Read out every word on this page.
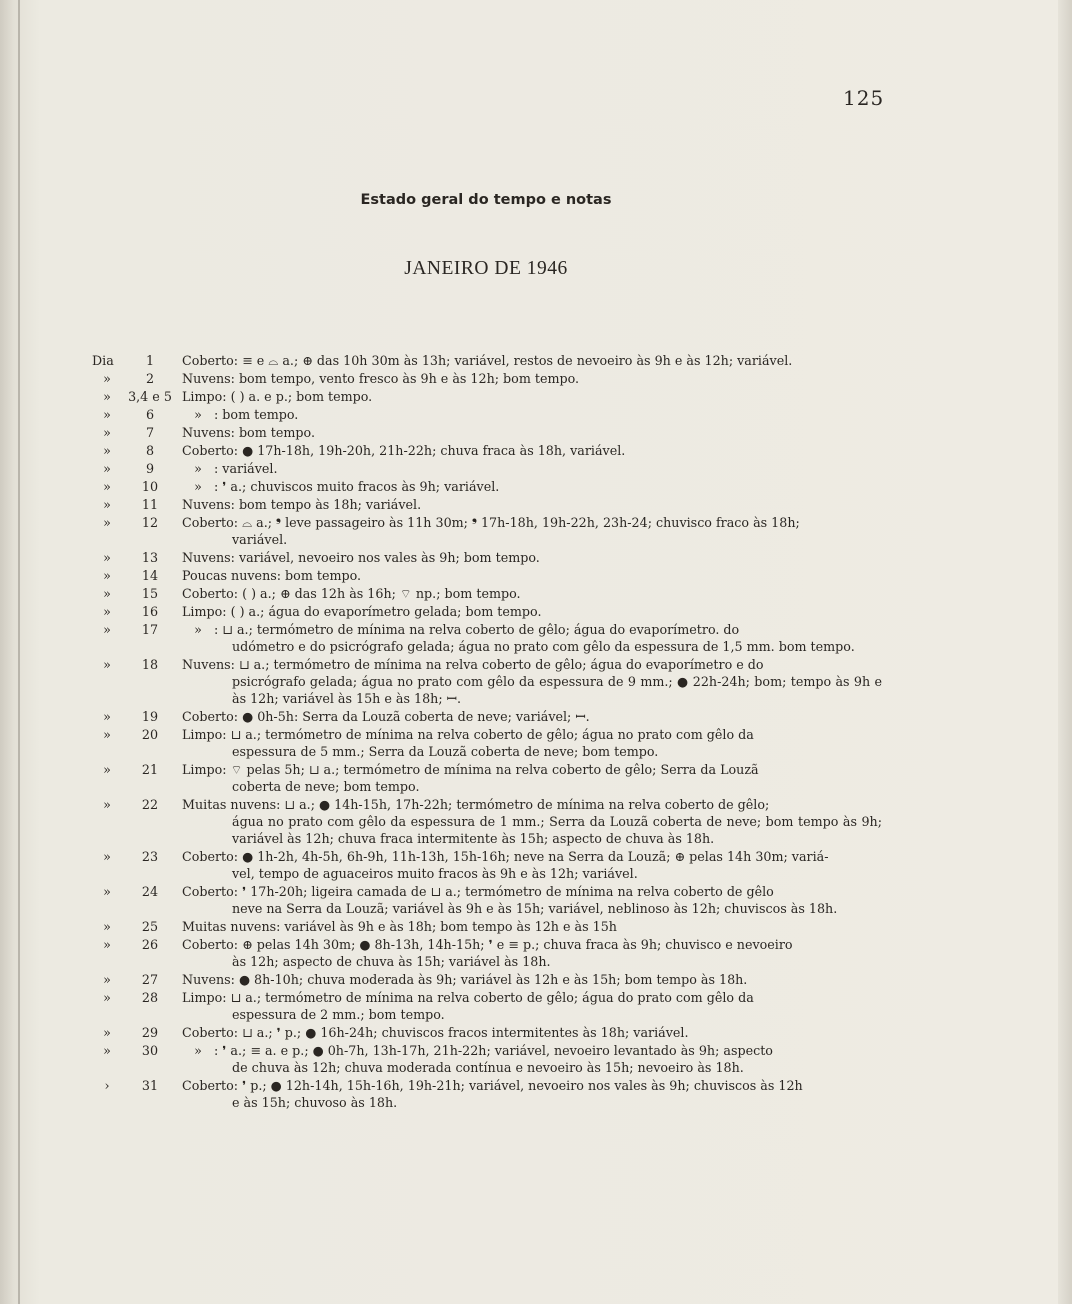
125
Estado geral do tempo e notas
JANEIRO DE 1946
Dia	1	Coberto: ≡ e ⌓ a.; ⊕ das 10h 30m às 13h; variável, restos de nevoeiro às 9h e às 12h; variável.
»	2	Nuvens: bom tempo, vento fresco às 9h e às 12h; bom tempo.
»	3,4 e 5 Limpo: ( ) a. e p.; bom tempo.
»	6	» : bom tempo.
»	7	Nuvens: bom tempo.
»	8	Coberto: ● 17h-18h, 19h-20h, 21h-22h; chuva fraca às 18h, variável.
»	9	» : variável.
»	10	» : ❜ a.; chuviscos muito fracos às 9h; variável.
»	11	Nuvens: bom tempo às 18h; variável.
»	12	Coberto: ⌓ a.; ❜ leve passageiro às 11h 30m; ❜ 17h-18h, 19h-22h, 23h-24; chuvisco fraco às 18h;
variável.
»	13	Nuvens: variável, nevoeiro nos vales às 9h; bom tempo.
»	14	Poucas nuvens: bom tempo.
»	15	Coberto: ( ) a.; ⊕ das 12h às 16h; ⌔ np.; bom tempo.
»	16	Limpo: ( ) a.; água do evaporímetro gelada; bom tempo.
»	17	» : ⊔ a.; termómetro de mínima na relva coberto de gêlo; água do evaporímetro. do
udómetro e do psicrógrafo gelada; água no prato com gêlo da espessura de 1,5 mm. bom tempo.
»	18	Nuvens: ⊔ a.; termómetro de mínima na relva coberto de gêlo; água do evaporímetro e do
psicrógrafo gelada; água no prato com gêlo da espessura de 9 mm.; ● 22h-24h; bom; tempo às 9h e às 12h; variável às 15h e às 18h; ꟷ.
»	19	Coberto: ● 0h-5h: Serra da Louzã coberta de neve; variável; ꟷ.
»	20	Limpo: ⊔ a.; termómetro de mínima na relva coberto de gêlo; água no prato com gêlo da
espessura de 5 mm.; Serra da Louzã coberta de neve; bom tempo.
»	21	Limpo: ⌔ pelas 5h; ⊔ a.; termómetro de mínima na relva coberto de gêlo; Serra da Louzã
coberta de neve; bom tempo.
»	22	Muitas nuvens: ⊔ a.; ● 14h-15h, 17h-22h; termómetro de mínima na relva coberto de gêlo;
água no prato com gêlo da espessura de 1 mm.; Serra da Louzã coberta de neve; bom tempo às 9h; variável às 12h; chuva fraca intermitente às 15h; aspecto de chuva às 18h.
»	23	Coberto: ● 1h-2h, 4h-5h, 6h-9h, 11h-13h, 15h-16h; neve na Serra da Louzã; ⊕ pelas 14h 30m; variá-
vel, tempo de aguaceiros muito fracos às 9h e às 12h; variável.
»	24	Coberto: ❜ 17h-20h; ligeira camada de ⊔ a.; termómetro de mínima na relva coberto de gêlo
neve na Serra da Louzã; variável às 9h e às 15h; variável, neblinoso às 12h; chuviscos às 18h.
»	25	Muitas nuvens: variável às 9h e às 18h; bom tempo às 12h e às 15h
»	26	Coberto: ⊕ pelas 14h 30m; ● 8h-13h, 14h-15h; ❜ e ≡ p.; chuva fraca às 9h; chuvisco e nevoeiro
às 12h; aspecto de chuva às 15h; variável às 18h.
»	27	Nuvens: ● 8h-10h; chuva moderada às 9h; variável às 12h e às 15h; bom tempo às 18h.
»	28	Limpo: ⊔ a.; termómetro de mínima na relva coberto de gêlo; água do prato com gêlo da
espessura de 2 mm.; bom tempo.
»	29	Coberto: ⊔ a.; ❜ p.; ● 16h-24h; chuviscos fracos intermitentes às 18h; variável.
»	30	» : ❜ a.; ≡ a. e p.; ● 0h-7h, 13h-17h, 21h-22h; variável, nevoeiro levantado às 9h; aspecto
de chuva às 12h; chuva moderada contínua e nevoeiro às 15h; nevoeiro às 18h.
›	31	Coberto: ❜ p.; ● 12h-14h, 15h-16h, 19h-21h; variável, nevoeiro nos vales às 9h; chuviscos às 12h
e às 15h; chuvoso às 18h.
